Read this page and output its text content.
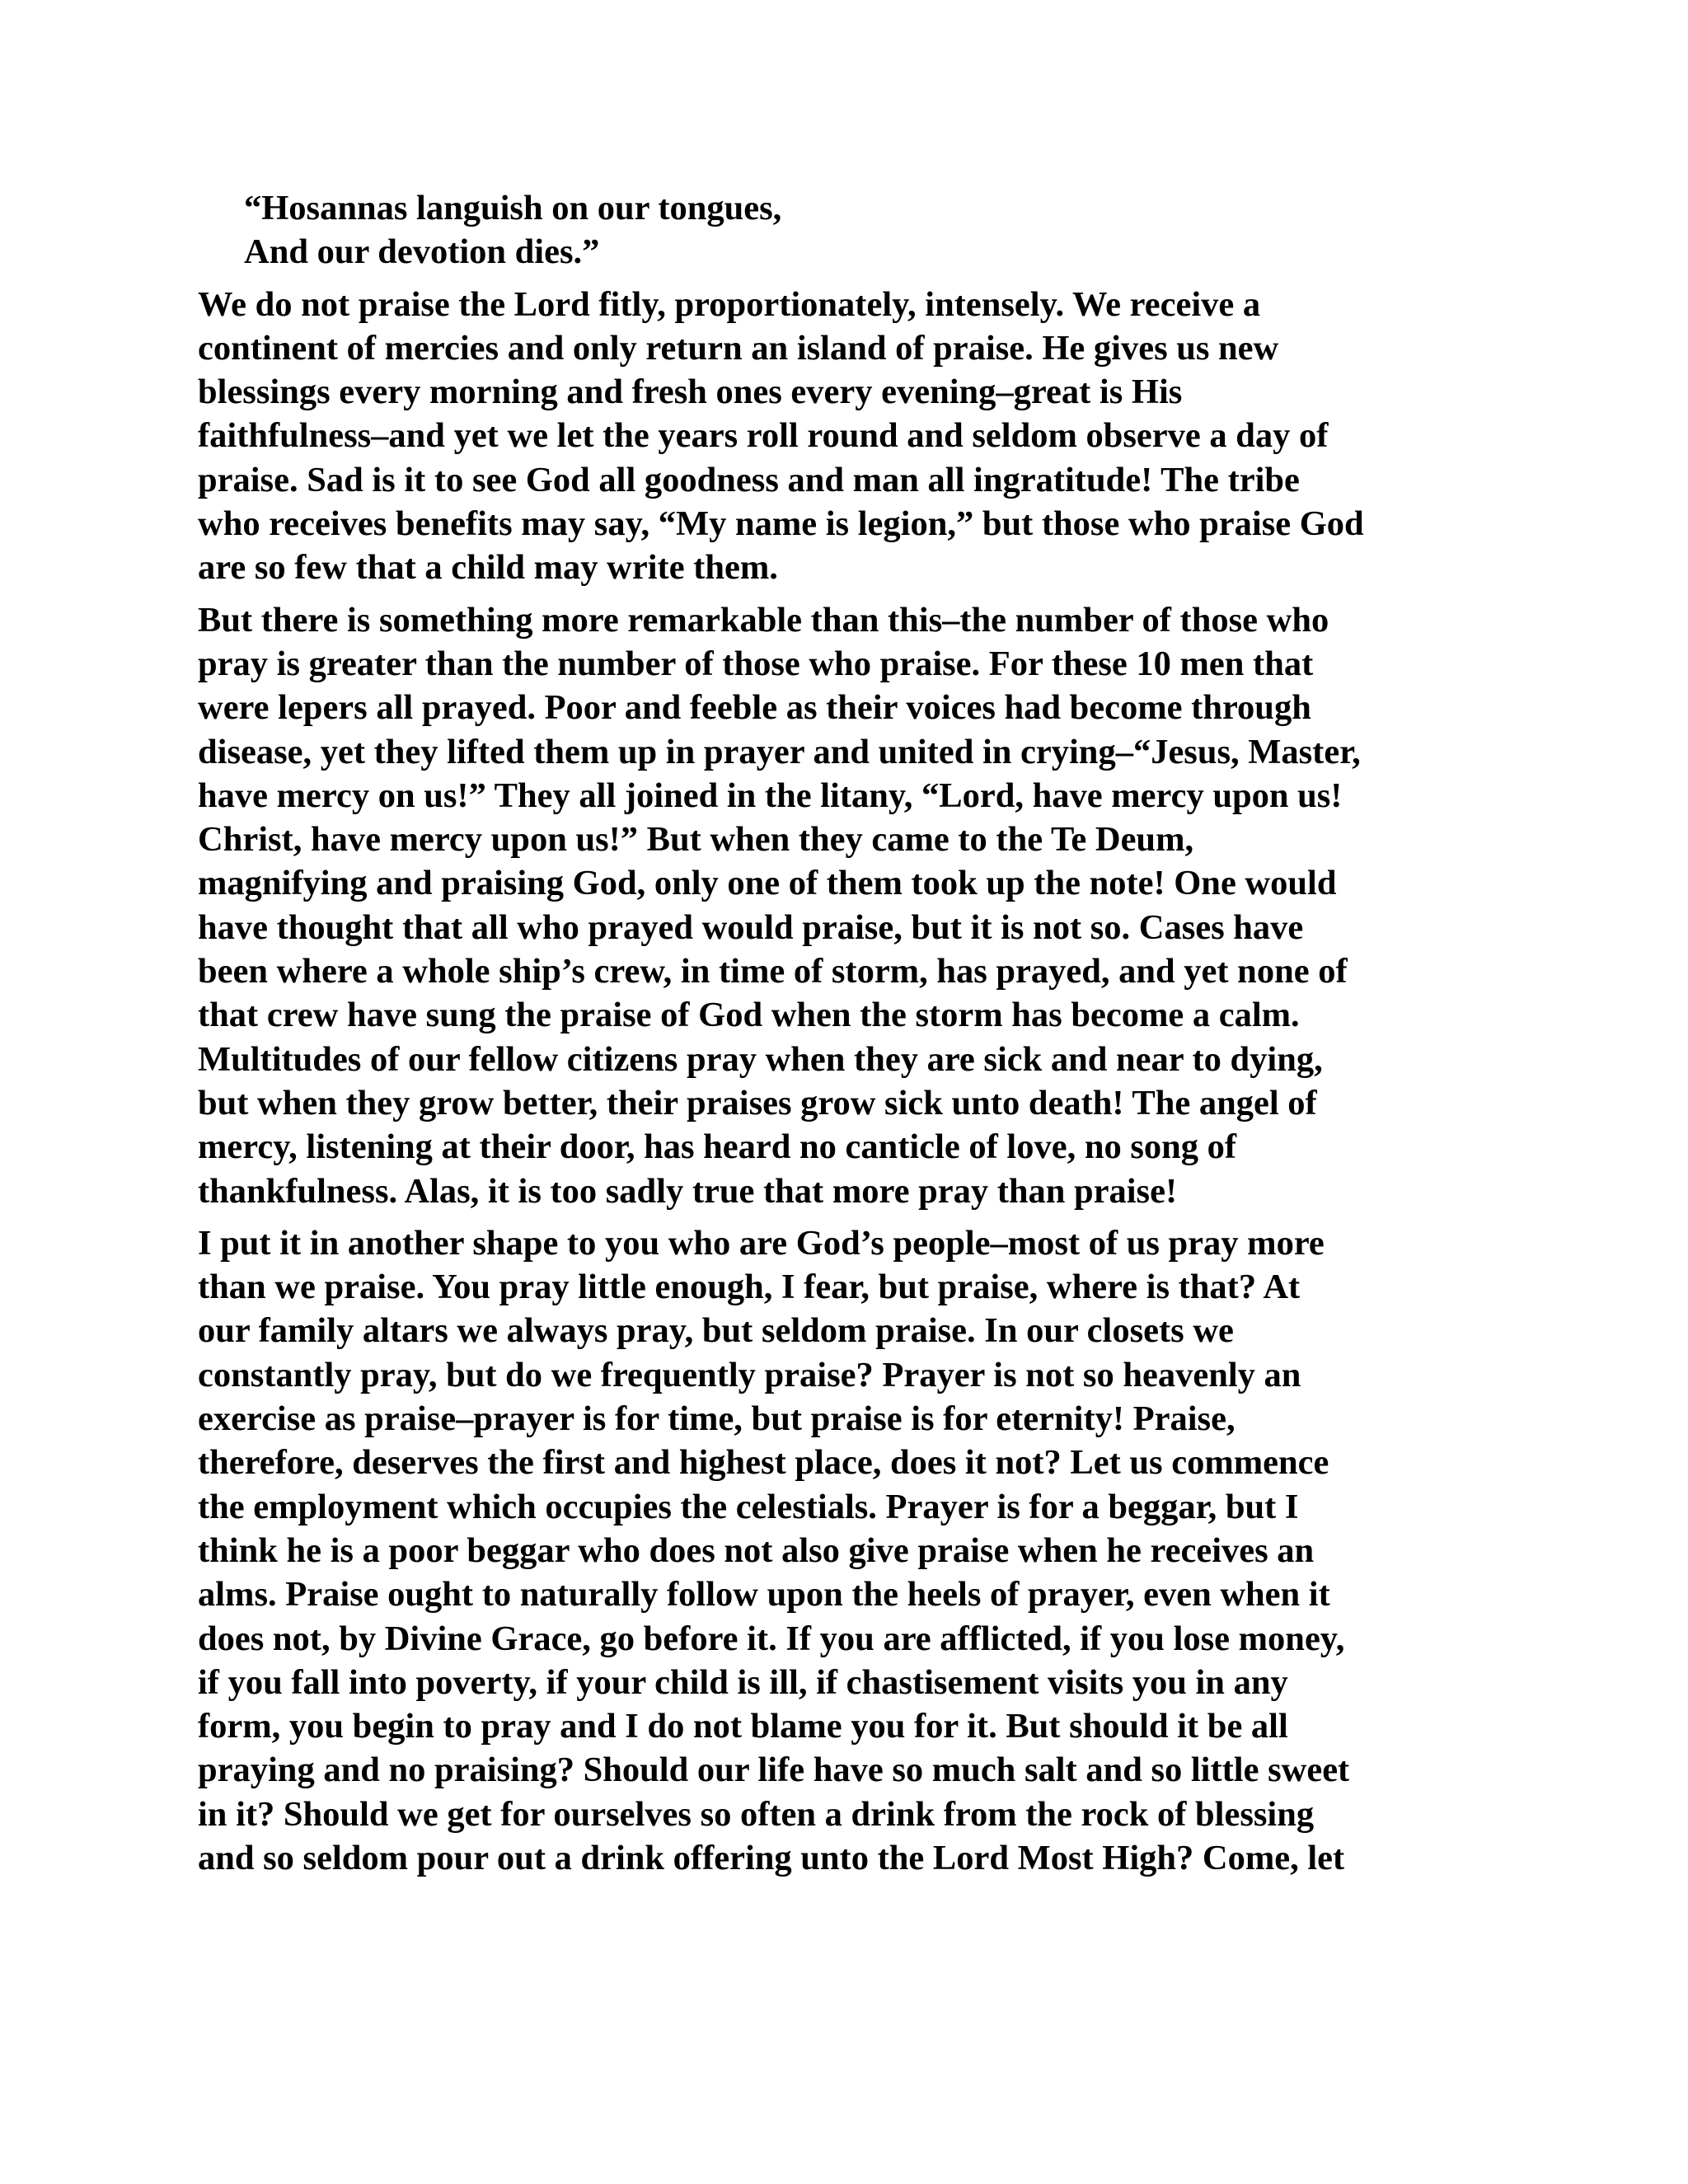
“Hosannas languish on our tongues,
And our devotion dies.”
We do not praise the Lord fitly, proportionately, intensely. We receive a
continent of mercies and only return an island of praise. He gives us new
blessings every morning and fresh ones every evening–great is His
faithfulness–and yet we let the years roll round and seldom observe a day of
praise. Sad is it to see God all goodness and man all ingratitude! The tribe
who receives benefits may say, “My name is legion,” but those who praise God
are so few that a child may write them.
But there is something more remarkable than this–the number of those who
pray is greater than the number of those who praise. For these 10 men that
were lepers all prayed. Poor and feeble as their voices had become through
disease, yet they lifted them up in prayer and united in crying–“Jesus, Master,
have mercy on us!” They all joined in the litany, “Lord, have mercy upon us!
Christ, have mercy upon us!” But when they came to the Te Deum,
magnifying and praising God, only one of them took up the note! One would
have thought that all who prayed would praise, but it is not so. Cases have
been where a whole ship’s crew, in time of storm, has prayed, and yet none of
that crew have sung the praise of God when the storm has become a calm.
Multitudes of our fellow citizens pray when they are sick and near to dying,
but when they grow better, their praises grow sick unto death! The angel of
mercy, listening at their door, has heard no canticle of love, no song of
thankfulness. Alas, it is too sadly true that more pray than praise!
I put it in another shape to you who are God’s people–most of us pray more
than we praise. You pray little enough, I fear, but praise, where is that? At
our family altars we always pray, but seldom praise. In our closets we
constantly pray, but do we frequently praise? Prayer is not so heavenly an
exercise as praise–prayer is for time, but praise is for eternity! Praise,
therefore, deserves the first and highest place, does it not? Let us commence
the employment which occupies the celestials. Prayer is for a beggar, but I
think he is a poor beggar who does not also give praise when he receives an
alms. Praise ought to naturally follow upon the heels of prayer, even when it
does not, by Divine Grace, go before it. If you are afflicted, if you lose money,
if you fall into poverty, if your child is ill, if chastisement visits you in any
form, you begin to pray and I do not blame you for it. But should it be all
praying and no praising? Should our life have so much salt and so little sweet
in it? Should we get for ourselves so often a drink from the rock of blessing
and so seldom pour out a drink offering unto the Lord Most High? Come, let
